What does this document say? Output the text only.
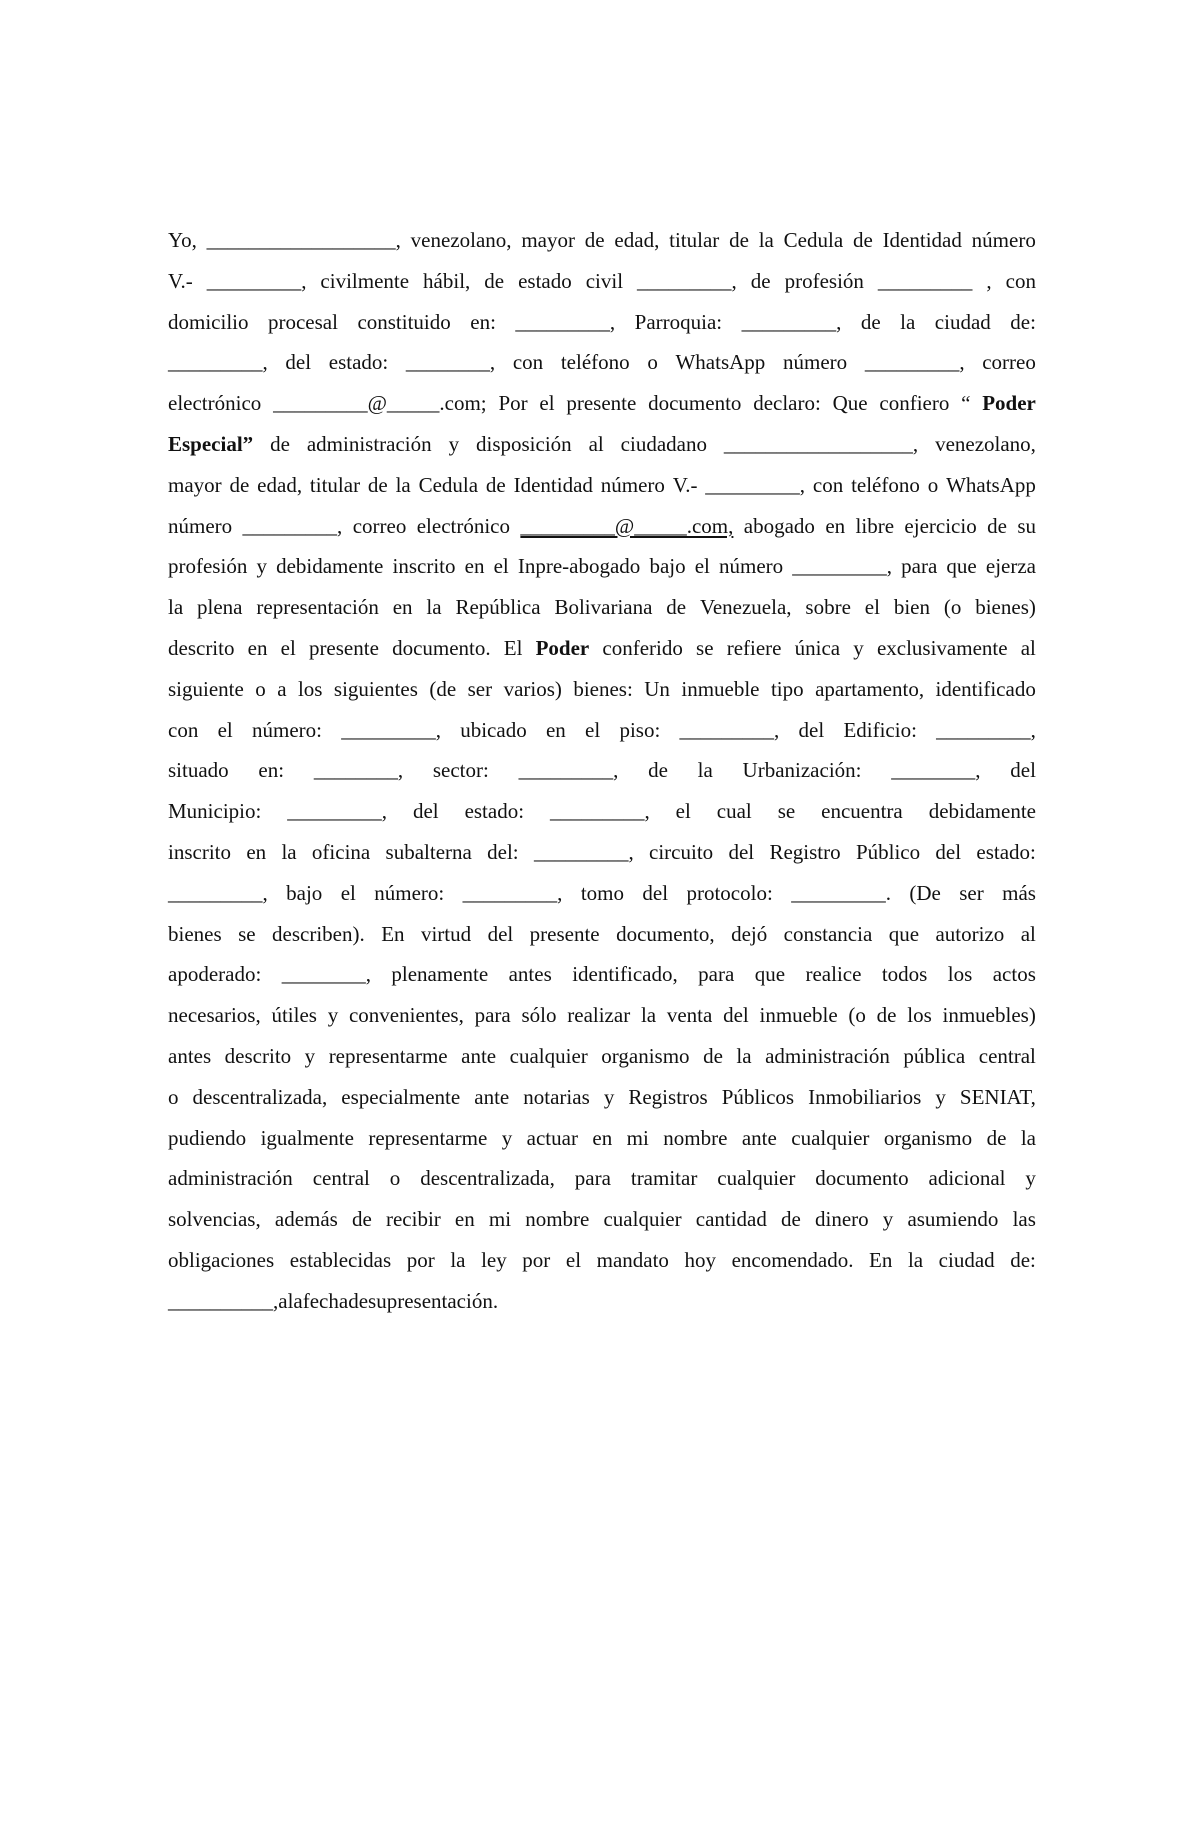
Yo, __________________, venezolano, mayor de edad, titular de la Cedula de Identidad número
V.- _________, civilmente hábil, de estado civil _________, de profesión _________ , con
domicilio procesal constituido en: _________, Parroquia: _________, de la ciudad de:
_________, del estado: ________, con teléfono o WhatsApp número _________, correo
electrónico _________@_____.com; Por el presente documento declaro: Que confiero “ Poder
Especial” de administración y disposición al ciudadano __________________, venezolano,
mayor de edad, titular de la Cedula de Identidad número V.- _________, con teléfono o WhatsApp
número _________, correo electrónico _________@_____.com, abogado en libre ejercicio de su
profesión y debidamente inscrito en el Inpre-abogado bajo el número _________, para que ejerza
la plena representación en la República Bolivariana de Venezuela, sobre el bien (o bienes)
descrito en el presente documento. El Poder conferido se refiere única y exclusivamente al
siguiente o a los siguientes (de ser varios) bienes: Un inmueble tipo apartamento, identificado
con el número: _________, ubicado en el piso: _________, del Edificio: _________,
situado en: ________, sector: _________, de la Urbanización: ________, del
Municipio: _________, del estado: _________, el cual se encuentra debidamente
inscrito en la oficina subalterna del: _________, circuito del Registro Público del estado:
_________, bajo el número: _________, tomo del protocolo: _________. (De ser más
bienes se describen). En virtud del presente documento, dejó constancia que autorizo al
apoderado: ________, plenamente antes identificado, para que realice todos los actos
necesarios, útiles y convenientes, para sólo realizar la venta del inmueble (o de los inmuebles)
antes descrito y representarme ante cualquier organismo de la administración pública central
o descentralizada, especialmente ante notarias y Registros Públicos Inmobiliarios y SENIAT,
pudiendo igualmente representarme y actuar en mi nombre ante cualquier organismo de la
administración central o descentralizada, para tramitar cualquier documento adicional y
solvencias, además de recibir en mi nombre cualquier cantidad de dinero y asumiendo las
obligaciones establecidas por la ley por el mandato hoy encomendado. En la ciudad de:
__________, a la fecha de su presentación.
